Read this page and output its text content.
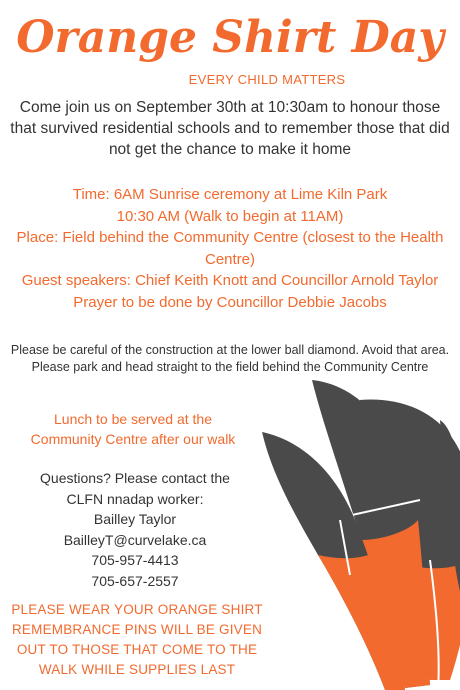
Orange Shirt Day
EVERY CHILD MATTERS
Come join us on September 30th at 10:30am to honour those that survived residential schools and to remember those that did not get the chance to make it home
Time: 6AM Sunrise ceremony at Lime Kiln Park
10:30 AM (Walk to begin at 11AM)
Place: Field behind the Community Centre (closest to the Health Centre)
Guest speakers: Chief Keith Knott and Councillor Arnold Taylor
Prayer to be done by Councillor Debbie Jacobs
Please be careful of the construction at the lower ball diamond. Avoid that area. Please park and head straight to the field behind the Community Centre
Lunch to be served at the Community Centre after our walk
Questions? Please contact the
CLFN nnadap worker:
Bailley Taylor
BailleyT@curvelake.ca
705-957-4413
705-657-2557
PLEASE WEAR YOUR ORANGE SHIRT
REMEMBRANCE PINS WILL BE GIVEN
OUT TO THOSE THAT COME TO THE
WALK WHILE SUPPLIES LAST
